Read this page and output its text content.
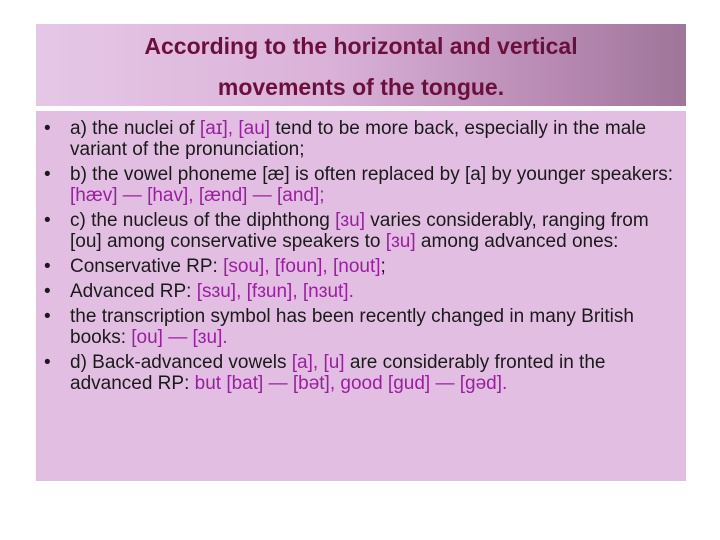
According to the horizontal and vertical
movements of the tongue.
• a) the nuclei of [aɪ], [au] tend to be more back, especially in the male variant of the pronunciation;
• b) the vowel phoneme [æ] is often replaced by [a] by younger speakers: [hæv] — [hav], [ænd] — [and];
• c) the nucleus of the diphthong [ɜu] varies considerably, ranging from [ou] among conservative speakers to [ɜu] among advanced ones:
• Conservative RP: [sou], [foun], [nout];
• Advanced RP: [sɜu], [fɜun], [nɜut].
• the transcription symbol has been recently changed in many British books: [ou] — [ɜu].
• d) Back-advanced vowels [a], [u] are considerably fronted in the advanced RP: but [bat] — [bət], good [gud] — [gəd].
